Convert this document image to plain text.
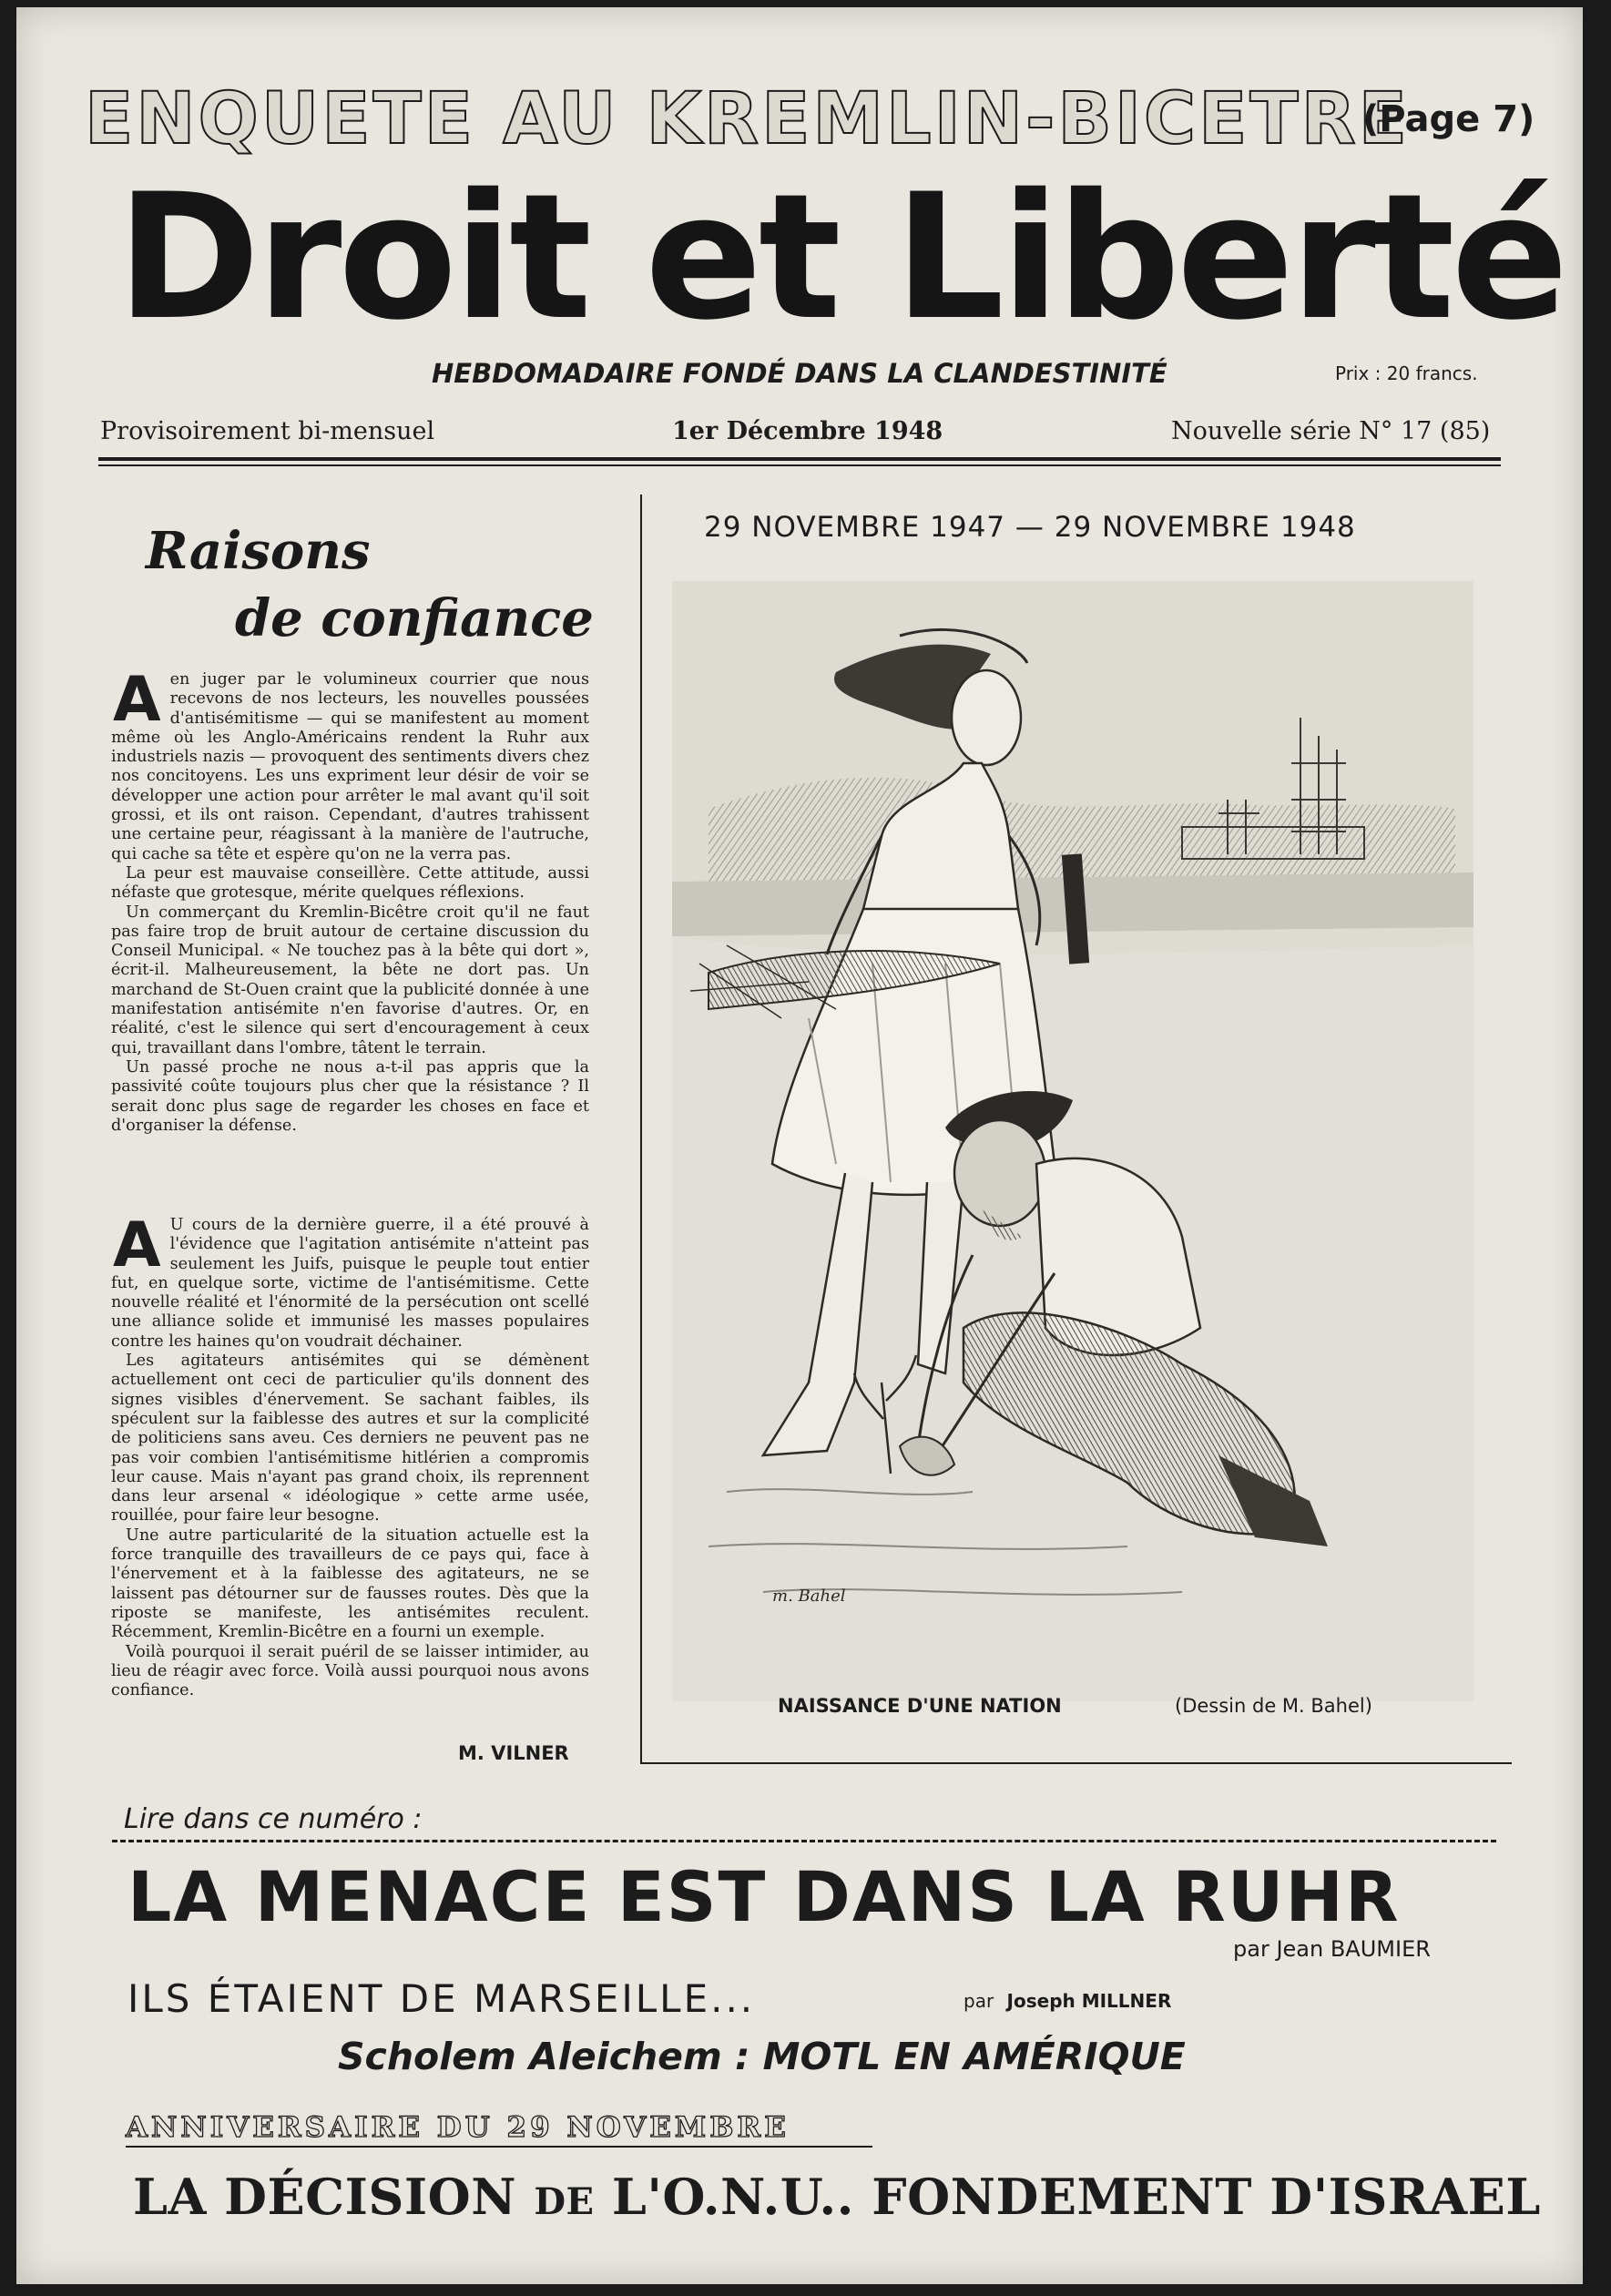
ENQUETE AU KREMLIN-BICETRE
(Page 7)
Droit et Liberté
HEBDOMADAIRE FONDÉ DANS LA CLANDESTINITÉ	Prix : 20 francs.
Provisoirement bi-mensuel	1er Décembre 1948	Nouvelle série N° 17 (85)
Raisons
de confiance

Aen juger par le volumineux courrier que nous recevons de nos lecteurs, les nouvelles poussées d'antisémitisme — qui se manifestent au moment même où les Anglo-Américains rendent la Ruhr aux industriels nazis — provoquent des sentiments divers chez nos concitoyens. Les uns expriment leur désir de voir se développer une action pour arrêter le mal avant qu'il soit grossi, et ils ont raison. Cependant, d'autres trahissent une certaine peur, réagissant à la manière de l'autruche, qui cache sa tête et espère qu'on ne la verra pas.

La peur est mauvaise conseillère. Cette attitude, aussi néfaste que grotesque, mérite quelques réflexions.

Un commerçant du Kremlin-Bicêtre croit qu'il ne faut pas faire trop de bruit autour de certaine discussion du Conseil Municipal. « Ne touchez pas à la bête qui dort », écrit-il. Malheureusement, la bête ne dort pas. Un marchand de St-Ouen craint que la publicité donnée à une manifestation antisémite n'en favorise d'autres. Or, en réalité, c'est le silence qui sert d'encouragement à ceux qui, travaillant dans l'ombre, tâtent le terrain.

Un passé proche ne nous a-t-il pas appris que la passivité coûte toujours plus cher que la résistance ? Il serait donc plus sage de regarder les choses en face et d'organiser la défense.

A U cours de la dernière guerre, il a été prouvé à l'évidence que l'agitation antisémite n'atteint pas seulement les Juifs, puisque le peuple tout entier fut, en quelque sorte, victime de l'antisémitisme. Cette nouvelle réalité et l'énormité de la persécution ont scellé une alliance solide et immunisé les masses populaires contre les haines qu'on voudrait déchainer.

Les agitateurs antisémites qui se démènent actuellement ont ceci de particulier qu'ils donnent des signes visibles d'énervement. Se sachant faibles, ils spéculent sur la faiblesse des autres et sur la complicité de politiciens sans aveu. Ces derniers ne peuvent pas ne pas voir combien l'antisémitisme hitlérien a compromis leur cause. Mais n'ayant pas grand choix, ils reprennent dans leur arsenal « idéologique » cette arme usée, rouillée, pour faire leur besogne.

Une autre particularité de la situation actuelle est la force tranquille des travailleurs de ce pays qui, face à l'énervement et à la faiblesse des agitateurs, ne se laissent pas détourner sur de fausses routes. Dès que la riposte se manifeste, les antisémites reculent. Récemment, Kremlin-Bicêtre en a fourni un exemple.

Voilà pourquoi il serait puéril de se laisser intimider, au lieu de réagir avec force. Voilà aussi pourquoi nous avons confiance.

M. VILNER
29 NOVEMBRE 1947 — 29 NOVEMBRE 1948
m. Bahel
NAISSANCE D'UNE NATION	(Dessin de M. Bahel)
Lire dans ce numéro :
LA MENACE EST DANS LA RUHR
par Jean BAUMIER
ILS ÉTAIENT DE MARSEILLE...	par Joseph MILLNER
Scholem Aleichem : MOTL EN AMÉRIQUE
ANNIVERSAIRE DU 29 NOVEMBRE
LA DÉCISION DE L'O.N.U.. FONDEMENT D'ISRAEL
